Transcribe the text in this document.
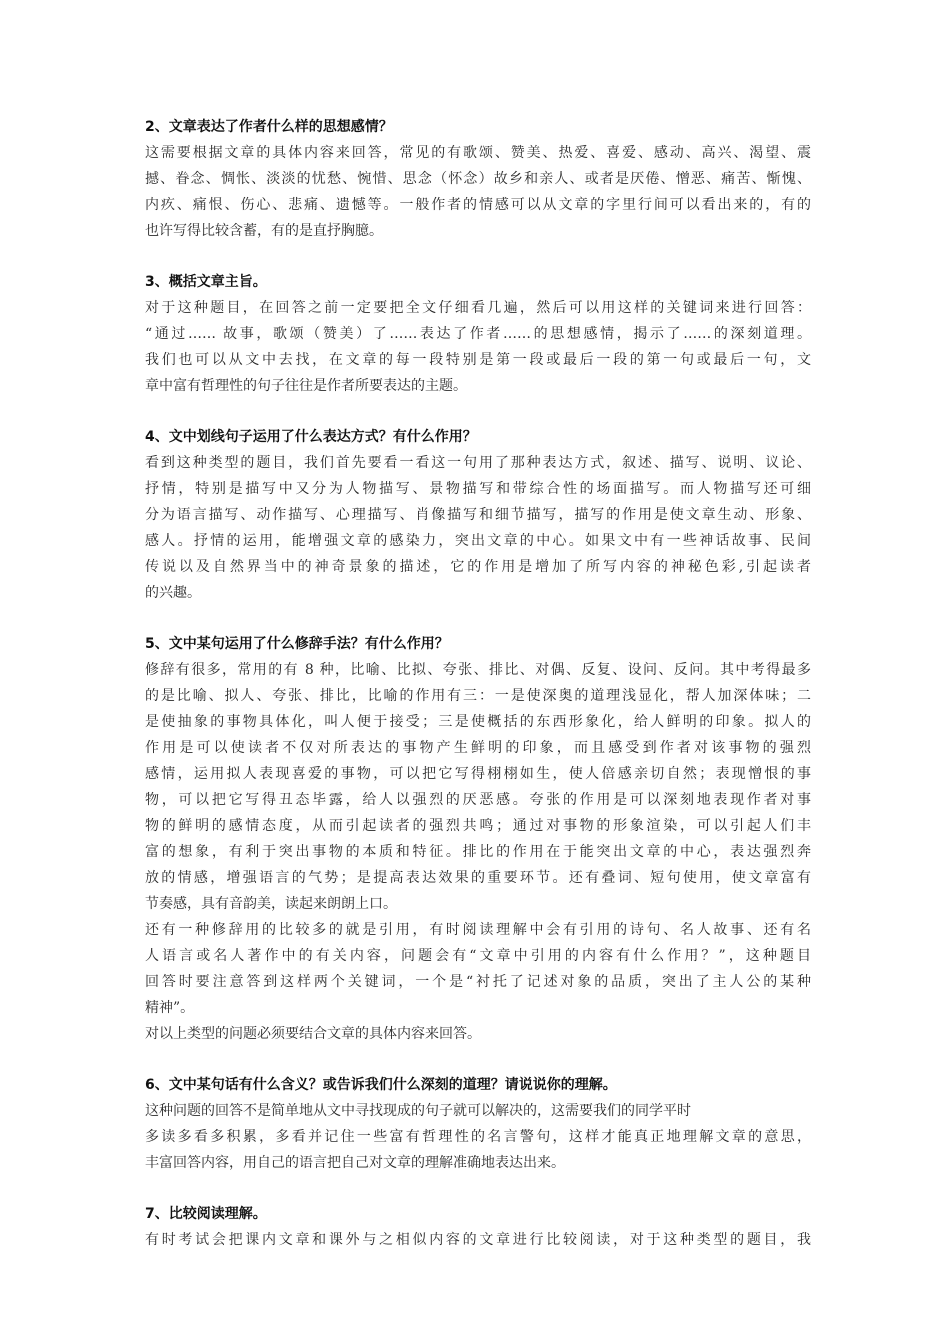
2、文章表达了作者什么样的思想感情？

这需要根据文章的具体内容来回答，常见的有歌颂、赞美、热爱、喜爱、感动、高兴、渴望、震

撼、眷念、惆怅、淡淡的忧愁、惋惜、思念（怀念）故乡和亲人、或者是厌倦、憎恶、痛苦、惭愧、

内疚、痛恨、伤心、悲痛、遗憾等。一般作者的情感可以从文章的字里行间可以看出来的，有的

也许写得比较含蓄，有的是直抒胸臆。

3、概括文章主旨。

对于这种题目，在回答之前一定要把全文仔细看几遍，然后可以用这样的关键词来进行回答：

“通过…… 故事，歌颂（赞美）了……表达了作者……的思想感情，揭示了……的深刻道理。

我们也可以从文中去找，在文章的每一段特别是第一段或最后一段的第一句或最后一句，文

章中富有哲理性的句子往往是作者所要表达的主题。

4、文中划线句子运用了什么表达方式？有什么作用？

看到这种类型的题目，我们首先要看一看这一句用了那种表达方式，叙述、描写、说明、议论、

抒情，特别是描写中又分为人物描写、景物描写和带综合性的场面描写。而人物描写还可细

分为语言描写、动作描写、心理描写、肖像描写和细节描写，描写的作用是使文章生动、形象、

感人。抒情的运用，能增强文章的感染力，突出文章的中心。如果文中有一些神话故事、民间

传说以及自然界当中的神奇景象的描述，它的作用是增加了所写内容的神秘色彩,引起读者

的兴趣。

5、文中某句运用了什么修辞手法？有什么作用？

修辞有很多，常用的有 8 种，比喻、比拟、夸张、排比、对偶、反复、设问、反问。其中考得最多

的是比喻、拟人、夸张、排比，比喻的作用有三：一是使深奥的道理浅显化，帮人加深体味；二

是使抽象的事物具体化，叫人便于接受；三是使概括的东西形象化，给人鲜明的印象。拟人的

作用是可以使读者不仅对所表达的事物产生鲜明的印象，而且感受到作者对该事物的强烈

感情，运用拟人表现喜爱的事物，可以把它写得栩栩如生，使人倍感亲切自然；表现憎恨的事

物，可以把它写得丑态毕露，给人以强烈的厌恶感。夸张的作用是可以深刻地表现作者对事

物的鲜明的感情态度，从而引起读者的强烈共鸣；通过对事物的形象渲染，可以引起人们丰

富的想象，有利于突出事物的本质和特征。排比的作用在于能突出文章的中心，表达强烈奔

放的情感，增强语言的气势；是提高表达效果的重要环节。还有叠词、短句使用，使文章富有

节奏感，具有音韵美，读起来朗朗上口。

还有一种修辞用的比较多的就是引用，有时阅读理解中会有引用的诗句、名人故事、还有名

人语言或名人著作中的有关内容，问题会有“文章中引用的内容有什么作用？”，这种题目

回答时要注意答到这样两个关键词，一个是“衬托了记述对象的品质，突出了主人公的某种

精神”。

对以上类型的问题必须要结合文章的具体内容来回答。

6、文中某句话有什么含义？或告诉我们什么深刻的道理？请说说你的理解。

这种问题的回答不是简单地从文中寻找现成的句子就可以解决的，这需要我们的同学平时

多读多看多积累，多看并记住一些富有哲理性的名言警句，这样才能真正地理解文章的意思，

丰富回答内容，用自己的语言把自己对文章的理解准确地表达出来。

7、比较阅读理解。

有时考试会把课内文章和课外与之相似内容的文章进行比较阅读，对于这种类型的题目，我
